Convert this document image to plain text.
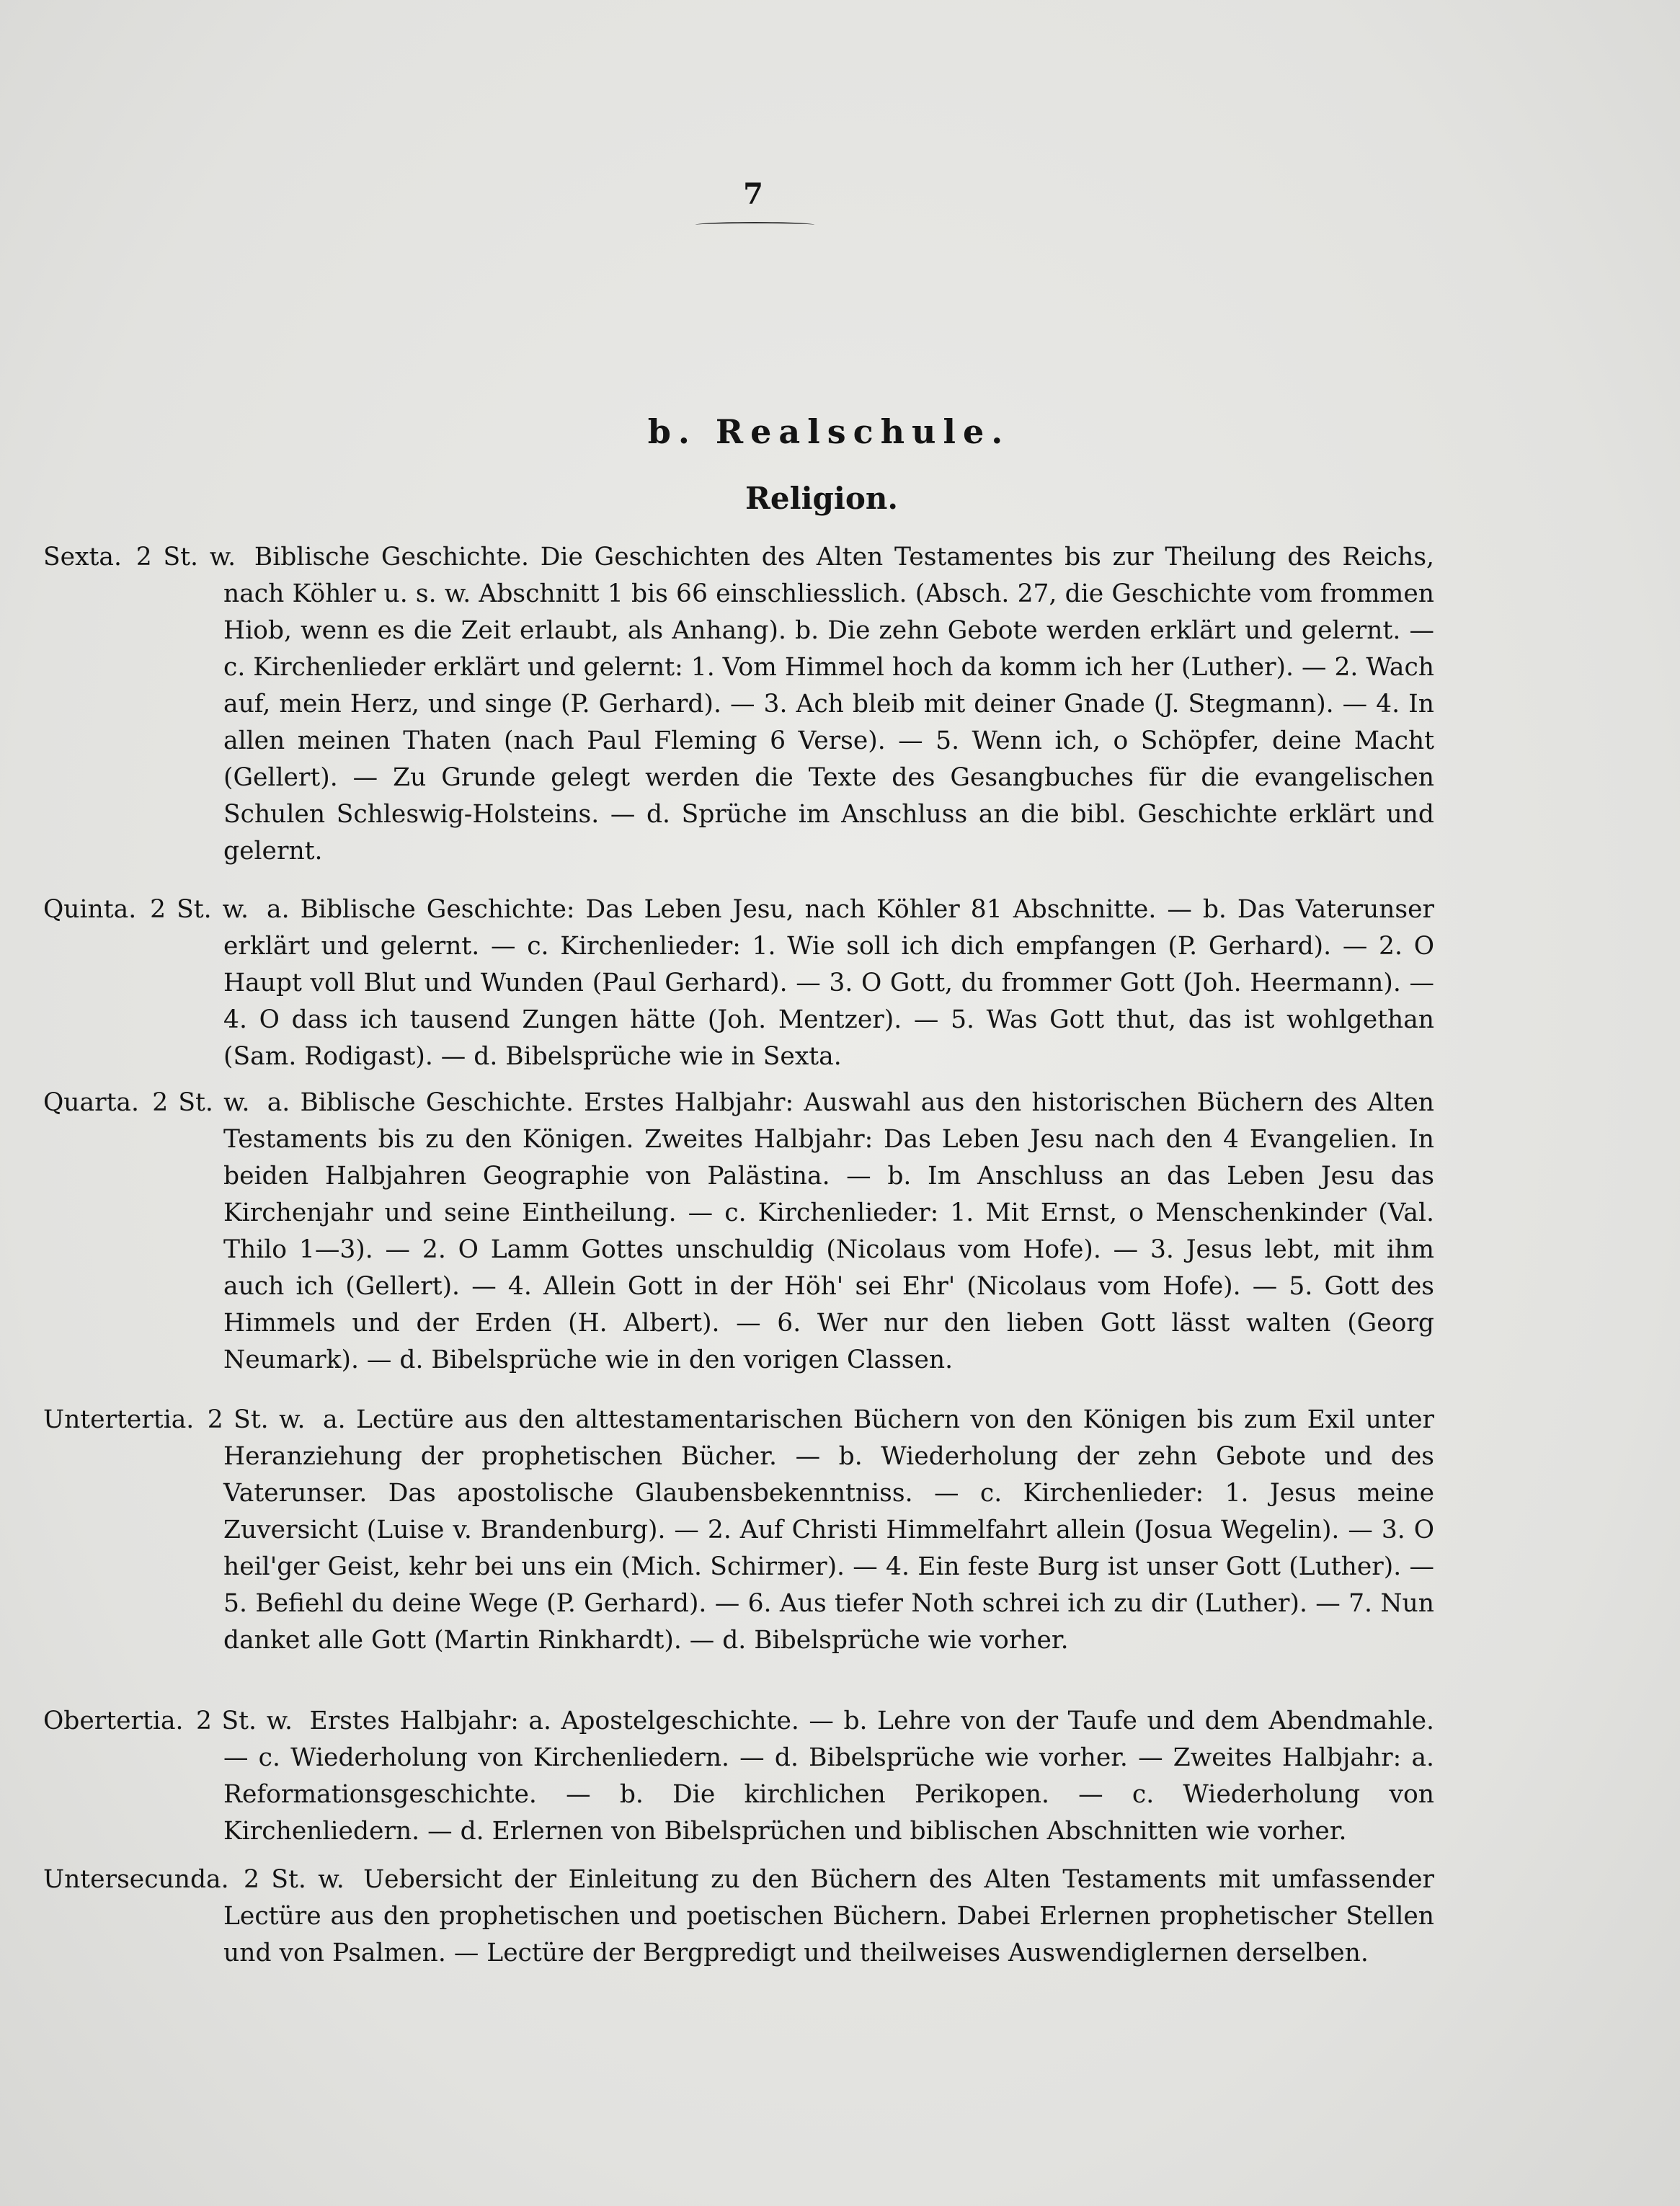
7
b. Realschule.
Religion.
Sexta. 2 St. w. Biblische Geschichte. Die Geschichten des Alten Testamentes bis zur Theilung des Reichs, nach Köhler u. s. w. Abschnitt 1 bis 66 einschliesslich. (Absch. 27, die Geschichte vom frommen Hiob, wenn es die Zeit erlaubt, als Anhang). b. Die zehn Gebote werden erklärt und gelernt. — c. Kirchenlieder erklärt und gelernt: 1. Vom Himmel hoch da komm ich her (Luther). — 2. Wach auf, mein Herz, und singe (P. Gerhard). — 3. Ach bleib mit deiner Gnade (J. Stegmann). — 4. In allen meinen Thaten (nach Paul Fleming 6 Verse). — 5. Wenn ich, o Schöpfer, deine Macht (Gellert). — Zu Grunde gelegt werden die Texte des Gesangbuches für die evangelischen Schulen Schleswig-Holsteins. — d. Sprüche im Anschluss an die bibl. Geschichte erklärt und gelernt.
Quinta. 2 St. w. a. Biblische Geschichte: Das Leben Jesu, nach Köhler 81 Abschnitte. — b. Das Vaterunser erklärt und gelernt. — c. Kirchenlieder: 1. Wie soll ich dich empfangen (P. Gerhard). — 2. O Haupt voll Blut und Wunden (Paul Gerhard). — 3. O Gott, du frommer Gott (Joh. Heermann). — 4. O dass ich tausend Zungen hätte (Joh. Mentzer). — 5. Was Gott thut, das ist wohlgethan (Sam. Rodigast). — d. Bibelsprüche wie in Sexta.
Quarta. 2 St. w. a. Biblische Geschichte. Erstes Halbjahr: Auswahl aus den historischen Büchern des Alten Testaments bis zu den Königen. Zweites Halbjahr: Das Leben Jesu nach den 4 Evangelien. In beiden Halbjahren Geographie von Palästina. — b. Im Anschluss an das Leben Jesu das Kirchenjahr und seine Eintheilung. — c. Kirchenlieder: 1. Mit Ernst, o Menschenkinder (Val. Thilo 1—3). — 2. O Lamm Gottes unschuldig (Nicolaus vom Hofe). — 3. Jesus lebt, mit ihm auch ich (Gellert). — 4. Allein Gott in der Höh' sei Ehr' (Nicolaus vom Hofe). — 5. Gott des Himmels und der Erden (H. Albert). — 6. Wer nur den lieben Gott lässt walten (Georg Neumark). — d. Bibelsprüche wie in den vorigen Classen.
Untertertia. 2 St. w. a. Lectüre aus den alttestamentarischen Büchern von den Königen bis zum Exil unter Heranziehung der prophetischen Bücher. — b. Wiederholung der zehn Gebote und des Vaterunser. Das apostolische Glaubensbekenntniss. — c. Kirchenlieder: 1. Jesus meine Zuversicht (Luise v. Brandenburg). — 2. Auf Christi Himmelfahrt allein (Josua Wegelin). — 3. O heil'ger Geist, kehr bei uns ein (Mich. Schirmer). — 4. Ein feste Burg ist unser Gott (Luther). — 5. Befiehl du deine Wege (P. Gerhard). — 6. Aus tiefer Noth schrei ich zu dir (Luther). — 7. Nun danket alle Gott (Martin Rinkhardt). — d. Bibelsprüche wie vorher.
Obertertia. 2 St. w. Erstes Halbjahr: a. Apostelgeschichte. — b. Lehre von der Taufe und dem Abendmahle. — c. Wiederholung von Kirchenliedern. — d. Bibelsprüche wie vorher. — Zweites Halbjahr: a. Reformationsgeschichte. — b. Die kirchlichen Perikopen. — c. Wiederholung von Kirchenliedern. — d. Erlernen von Bibelsprüchen und biblischen Abschnitten wie vorher.
Untersecunda. 2 St. w. Uebersicht der Einleitung zu den Büchern des Alten Testaments mit umfassender Lectüre aus den prophetischen und poetischen Büchern. Dabei Erlernen prophetischer Stellen und von Psalmen. — Lectüre der Bergpredigt und theilweises Auswendiglernen derselben.
